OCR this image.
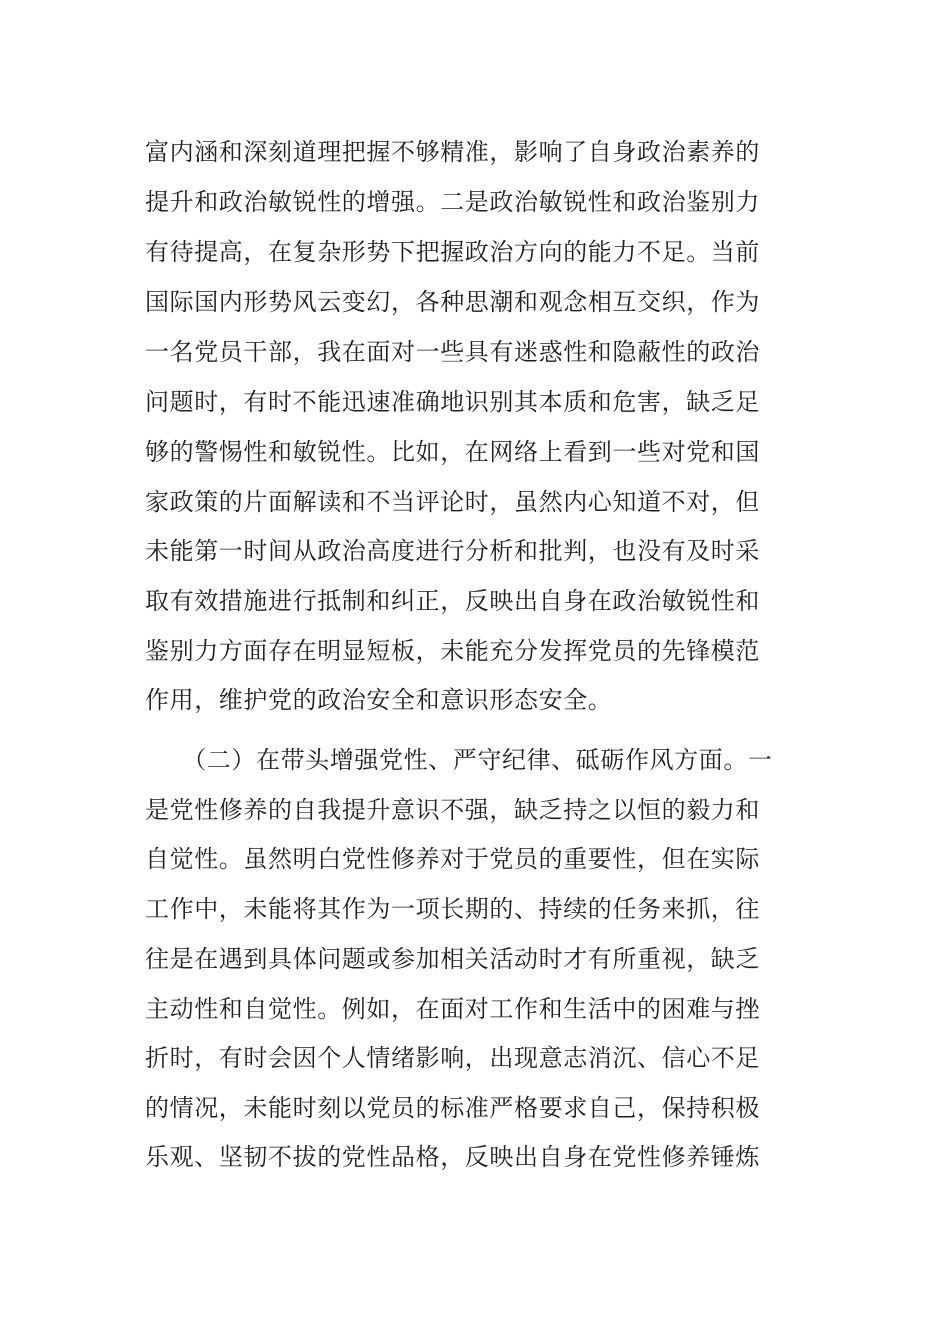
富内涵和深刻道理把握不够精准，影响了自身政治素养的
提升和政治敏锐性的增强。二是政治敏锐性和政治鉴别力
有待提高，在复杂形势下把握政治方向的能力不足。当前
国际国内形势风云变幻，各种思潮和观念相互交织，作为
一名党员干部，我在面对一些具有迷惑性和隐蔽性的政治
问题时，有时不能迅速准确地识别其本质和危害，缺乏足
够的警惕性和敏锐性。比如，在网络上看到一些对党和国
家政策的片面解读和不当评论时，虽然内心知道不对，但
未能第一时间从政治高度进行分析和批判，也没有及时采
取有效措施进行抵制和纠正，反映出自身在政治敏锐性和
鉴别力方面存在明显短板，未能充分发挥党员的先锋模范
作用，维护党的政治安全和意识形态安全。
　　（二）在带头增强党性、严守纪律、砥砺作风方面。一
是党性修养的自我提升意识不强，缺乏持之以恒的毅力和
自觉性。虽然明白党性修养对于党员的重要性，但在实际
工作中，未能将其作为一项长期的、持续的任务来抓，往
往是在遇到具体问题或参加相关活动时才有所重视，缺乏
主动性和自觉性。例如，在面对工作和生活中的困难与挫
折时，有时会因个人情绪影响，出现意志消沉、信心不足
的情况，未能时刻以党员的标准严格要求自己，保持积极
乐观、坚韧不拔的党性品格，反映出自身在党性修养锤炼
